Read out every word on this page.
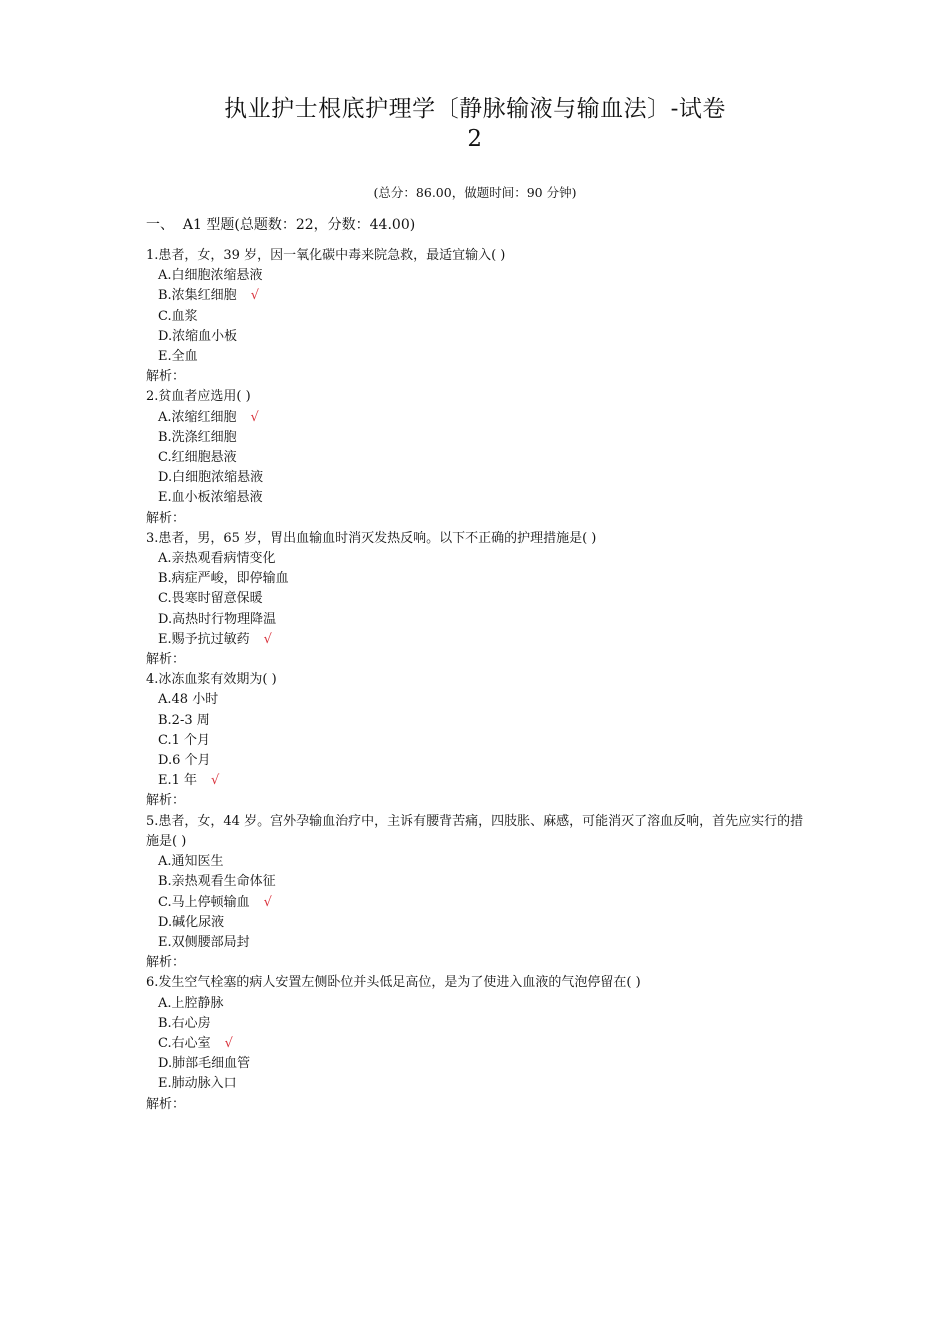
执业护士根底护理学〔静脉输液与输血法〕-试卷
2
(总分：86.00，做题时间：90 分钟)
一、  A1 型题(总题数：22，分数：44.00)
1.患者，女，39 岁，因一氧化碳中毒来院急救，最适宜输入( )
A.白细胞浓缩悬液
B.浓集红细胞 √
C.血浆
D.浓缩血小板
E.全血
解析：
2.贫血者应选用( )
A.浓缩红细胞 √
B.洗涤红细胞
C.红细胞悬液
D.白细胞浓缩悬液
E.血小板浓缩悬液
解析：
3.患者，男，65 岁，胃出血输血时消灭发热反响。以下不正确的护理措施是( )
A.亲热观看病情变化
B.病症严峻，即停输血
C.畏寒时留意保暖
D.高热时行物理降温
E.赐予抗过敏药 √
解析：
4.冰冻血浆有效期为( )
A.48 小时
B.2-3 周
C.1 个月
D.6 个月
E.1 年 √
解析：
5.患者，女，44 岁。宫外孕输血治疗中，主诉有腰背苦痛，四肢胀、麻感，可能消灭了溶血反响，首先应实行的措施是( )
A.通知医生
B.亲热观看生命体征
C.马上停顿输血 √
D.碱化尿液
E.双侧腰部局封
解析：
6.发生空气栓塞的病人安置左侧卧位并头低足高位，是为了使进入血液的气泡停留在( )
A.上腔静脉
B.右心房
C.右心室 √
D.肺部毛细血管
E.肺动脉入口
解析：
